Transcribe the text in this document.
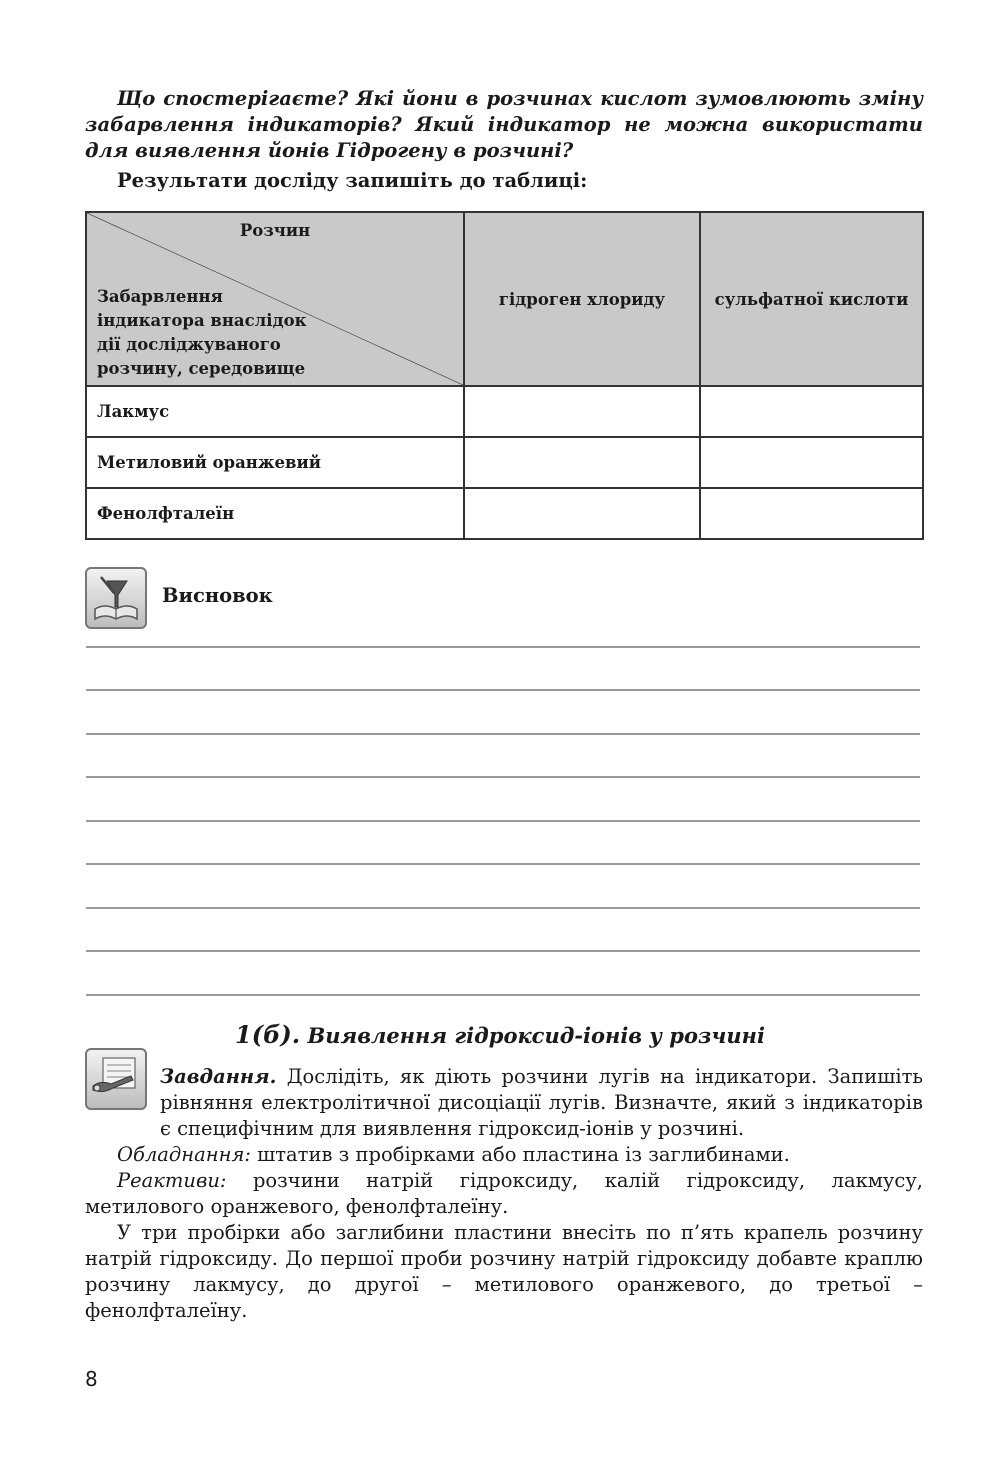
Що спостерігаєте? Які йони в розчинах кислот зумовлюють зміну забарвлення індикаторів? Який індикатор не можна використати для виявлення йонів Гідрогену в розчині?

Результати досліду запишіть до таблиці:

Розчин
Забарвлення індикатора внаслідок дії досліджуваного розчину, середовище	гідроген хлориду	сульфатної кислоти
Лакмус		
Метиловий оранжевий		
Фенолфталеїн		
Висновок
1(б). Виявлення гідроксид-іонів у розчині

Завдання. Дослідіть, як діють розчини лугів на індикатори. Запишіть рівняння електролітичної дисоціації лугів. Визначте, який з індикаторів є специфічним для виявлення гідроксид-іонів у розчині.

Обладнання: штатив з пробірками або пластина із заглибинами.

Реактиви: розчини натрій гідроксиду, калій гідроксиду, лакмусу, метилового оранжевого, фенолфталеїну.

У три пробірки або заглибини пластини внесіть по п’ять крапель розчину натрій гідроксиду. До першої проби розчину натрій гідроксиду добавте краплю розчину лакмусу, до другої – метилового оранжевого, до третьої – фенолфталеїну.

8
